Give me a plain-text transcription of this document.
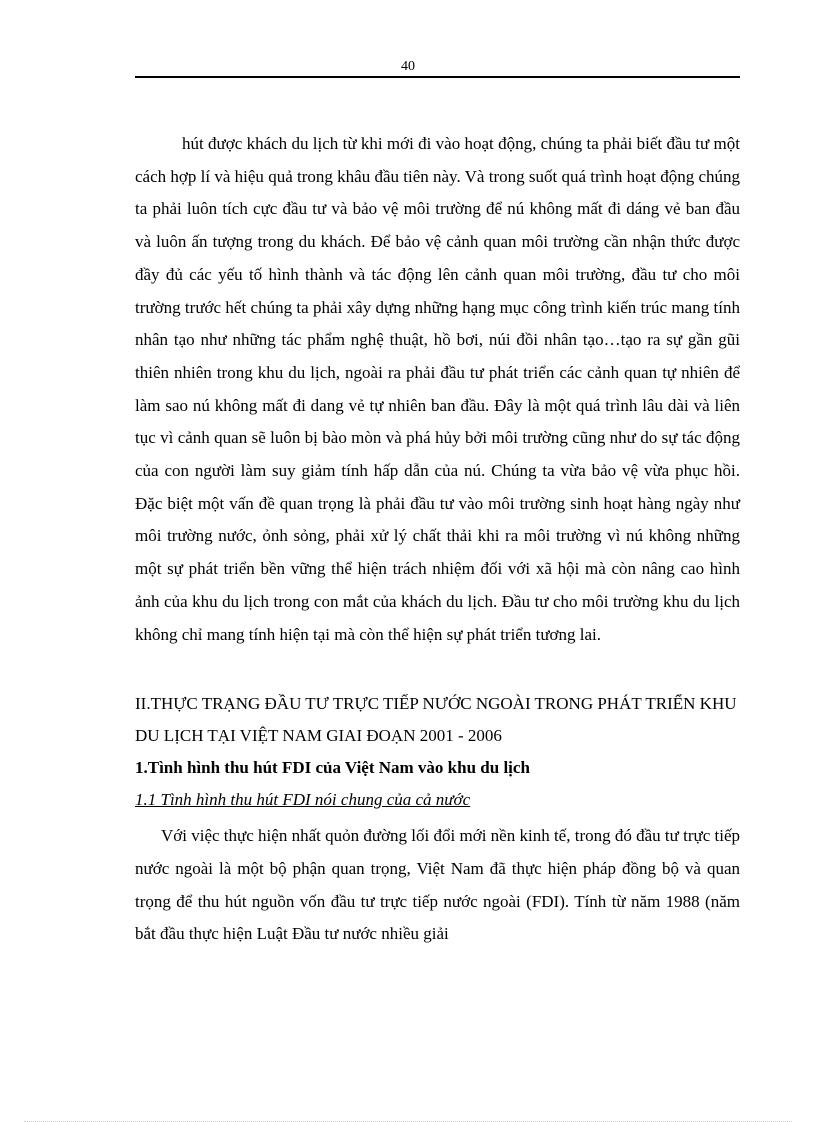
40

hút được khách du lịch từ khi mới đi vào hoạt động, chúng ta phải biết đầu tư một cách hợp lí và hiệu quả trong khâu đầu tiên này. Và trong suốt quá trình hoạt động chúng ta phải luôn tích cực đầu tư và bảo vệ môi trường để nú không mất đi dáng vẻ ban đầu và luôn ấn tượng trong du khách. Để bảo vệ cảnh quan môi trường cần nhận thức được đầy đủ các yếu tố hình thành và tác động lên cảnh quan môi trường, đầu tư cho môi trường trước hết chúng ta phải xây dựng những hạng mục công trình kiến trúc mang tính nhân tạo như những tác phẩm nghệ thuật, hồ bơi, núi đồi nhân tạo…tạo ra sự gần gũi thiên nhiên trong khu du lịch, ngoài ra phải đầu tư phát triển các cảnh quan tự nhiên để làm sao nú không mất đi dang vẻ tự nhiên ban đầu. Đây là một quá trình lâu dài và liên tục vì cảnh quan sẽ luôn bị bào mòn và phá hủy bởi môi trường cũng như do sự tác động của con người làm suy giảm tính hấp dẫn của nú. Chúng ta vừa bảo vệ vừa phục hồi. Đặc biệt một vấn đề quan trọng là phải đầu tư vào môi trường sinh hoạt hàng ngày như môi trường nước, ỏnh sỏng, phải xử lý chất thải khi ra môi trường vì nú không những một sự phát triển bền vững thể hiện trách nhiệm đối với xã hội mà còn nâng cao hình ảnh của khu du lịch trong con mắt của khách du lịch. Đầu tư cho môi trường khu du lịch không chỉ mang tính hiện tại mà còn thể hiện sự phát triển tương lai.

II.THỰC TRẠNG ĐẦU TƯ TRỰC TIẾP NƯỚC NGOÀI TRONG PHÁT TRIỂN KHU DU LỊCH TẠI VIỆT NAM GIAI ĐOẠN 2001 - 2006

1.Tình hình thu hút FDI của Việt Nam vào khu du lịch

1.1 Tình hình thu hút FDI nói chung của cả nước

Với việc thực hiện nhất quỏn đường lối đổi mới nền kinh tế, trong đó đầu tư trực tiếp nước ngoài là một bộ phận quan trọng, Việt Nam đã thực hiện pháp đồng bộ và quan trọng để thu hút nguồn vốn đầu tư trực tiếp nước ngoài (FDI). Tính từ năm 1988 (năm bắt đầu thực hiện Luật Đầu tư nước nhiều giải
